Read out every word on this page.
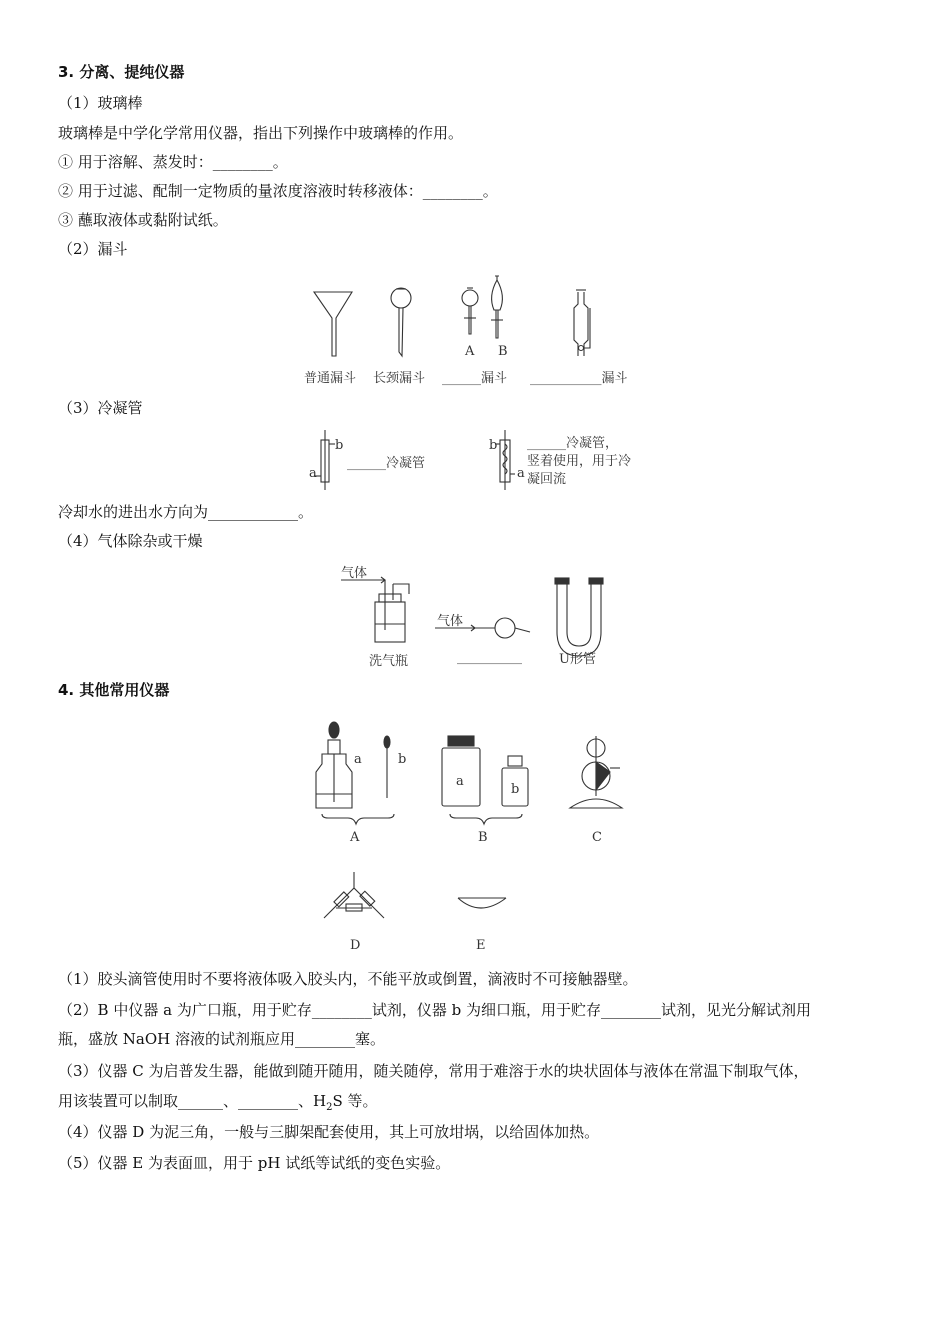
3. 分离、提纯仪器
（1）玻璃棒
玻璃棒是中学化学常用仪器，指出下列操作中玻璃棒的作用。
① 用于溶解、蒸发时：________。
② 用于过滤、配制一定物质的量浓度溶液时转移液体：________。
③ 蘸取液体或黏附试纸。
（2）漏斗
A B
普通漏斗 长颈漏斗 ______漏斗 ___________漏斗
（3）冷凝管
b
a
______冷凝管
b
a
______冷凝管，
竖着使用，用于冷
凝回流
冷却水的进出水方向为____________。
（4）气体除杂或干燥
气体
洗气瓶
气体
__________	U形管
4. 其他常用仪器
a	b
A
a
b
B	C
D	E
（1）胶头滴管使用时不要将液体吸入胶头内，不能平放或倒置，滴液时不可接触器壁。
（2）B 中仪器 a 为广口瓶，用于贮存________试剂，仪器 b 为细口瓶，用于贮存________试剂，见光分解试剂用
瓶，盛放 NaOH 溶液的试剂瓶应用________塞。
（3）仪器 C 为启普发生器，能做到随开随用，随关随停，常用于难溶于水的块状固体与液体在常温下制取气体，
用该装置可以制取______、________、$H_2S$ 等。
（4）仪器 D 为泥三角，一般与三脚架配套使用，其上可放坩埚，以给固体加热。
（5）仪器 E 为表面皿，用于 pH 试纸等试纸的变色实验。
